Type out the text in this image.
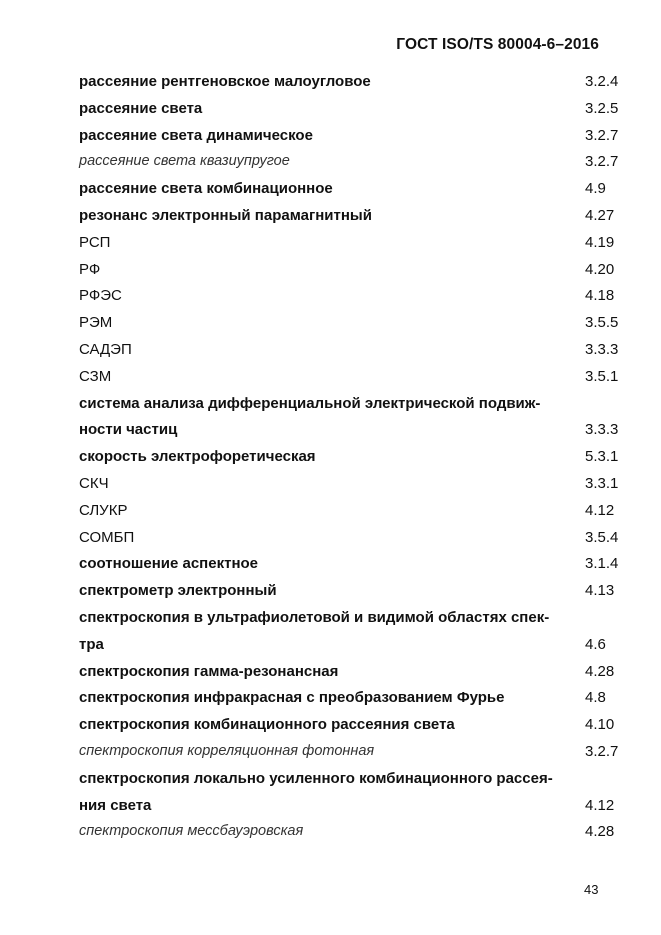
ГОСТ ISO/TS 80004-6–2016
рассеяние рентгеновское малоугловое	3.2.4
рассеяние света	3.2.5
рассеяние света динамическое	3.2.7
рассеяние света квазиупругое	3.2.7
рассеяние света комбинационное	4.9
резонанс электронный парамагнитный	4.27
РСП	4.19
РФ	4.20
РФЭС	4.18
РЭМ	3.5.5
САДЭП	3.3.3
СЗМ	3.5.1
система анализа дифференциальной электрической подвиж-
ности частиц	3.3.3
скорость электрофоретическая	5.3.1
СКЧ	3.3.1
СЛУКР	4.12
СОМБП	3.5.4
соотношение аспектное	3.1.4
спектрометр электронный	4.13
спектроскопия в ультрафиолетовой и видимой областях спек-
тра	4.6
спектроскопия гамма-резонансная	4.28
спектроскопия инфракрасная с преобразованием Фурье	4.8
спектроскопия комбинационного рассеяния света	4.10
спектроскопия корреляционная фотонная	3.2.7
спектроскопия локально усиленного комбинационного рассея-
ния света	4.12
спектроскопия мессбауэровская	4.28
43
